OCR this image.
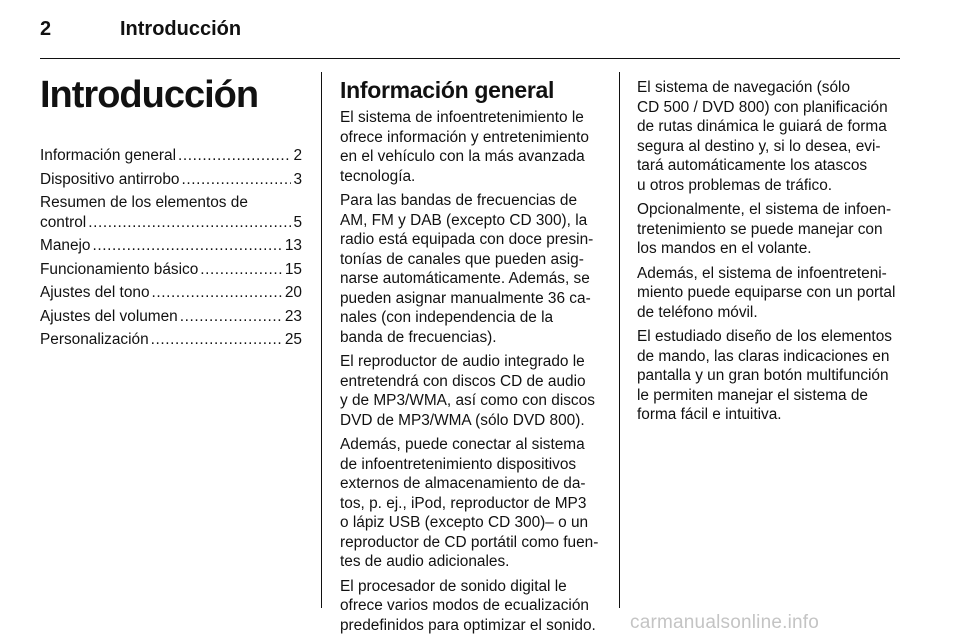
2	Introducción
Introducción
Información general .....	2
Dispositivo antirrobo .....	3
Resumen de los elementos de
control .....	5
Manejo .....	13
Funcionamiento básico .....	15
Ajustes del tono .....	20
Ajustes del volumen .....	23
Personalización .....	25
Información general

El sistema de infoentretenimiento le
ofrece información y entretenimiento
en el vehículo con la más avanzada
tecnología.

Para las bandas de frecuencias de
AM, FM y DAB (excepto CD 300), la
radio está equipada con doce presin-
tonías de canales que pueden asig-
narse automáticamente. Además, se
pueden asignar manualmente 36 ca-
nales (con independencia de la
banda de frecuencias).

El reproductor de audio integrado le
entretendrá con discos CD de audio
y de MP3/WMA, así como con discos
DVD de MP3/WMA (sólo DVD 800).

Además, puede conectar al sistema
de infoentretenimiento dispositivos
externos de almacenamiento de da-
tos, p. ej., iPod, reproductor de MP3
o lápiz USB (excepto CD 300)– o un
reproductor de CD portátil como fuen-
tes de audio adicionales.

El procesador de sonido digital le
ofrece varios modos de ecualización
predefinidos para optimizar el sonido.

El sistema de navegación (sólo
CD 500 / DVD 800) con planificación
de rutas dinámica le guiará de forma
segura al destino y, si lo desea, evi-
tará automáticamente los atascos
u otros problemas de tráfico.

Opcionalmente, el sistema de infoen-
tretenimiento se puede manejar con
los mandos en el volante.

Además, el sistema de infoentreteni-
miento puede equiparse con un portal
de teléfono móvil.

El estudiado diseño de los elementos
de mando, las claras indicaciones en
pantalla y un gran botón multifunción
le permiten manejar el sistema de
forma fácil e intuitiva.

carmanualsonline.info
